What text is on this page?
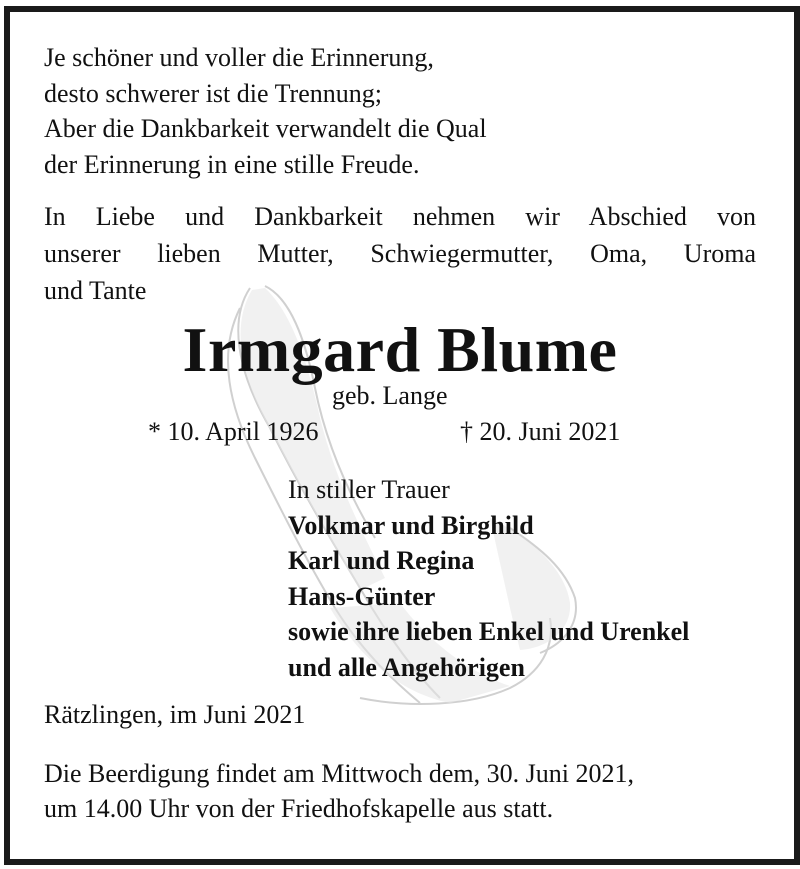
Je schöner und voller die Erinnerung,
desto schwerer ist die Trennung;
Aber die Dankbarkeit verwandelt die Qual
der Erinnerung in eine stille Freude.
In Liebe und Dankbarkeit nehmen wir Abschied von
unserer lieben Mutter, Schwiegermutter, Oma, Uroma
und Tante
Irmgard Blume
geb. Lange
* 10. April 1926	† 20. Juni 2021
In stiller Trauer
Volkmar und Birghild
Karl und Regina
Hans-Günter
sowie ihre lieben Enkel und Urenkel
und alle Angehörigen
Rätzlingen, im Juni 2021
Die Beerdigung findet am Mittwoch dem, 30. Juni 2021,
um 14.00 Uhr von der Friedhofskapelle aus statt.
